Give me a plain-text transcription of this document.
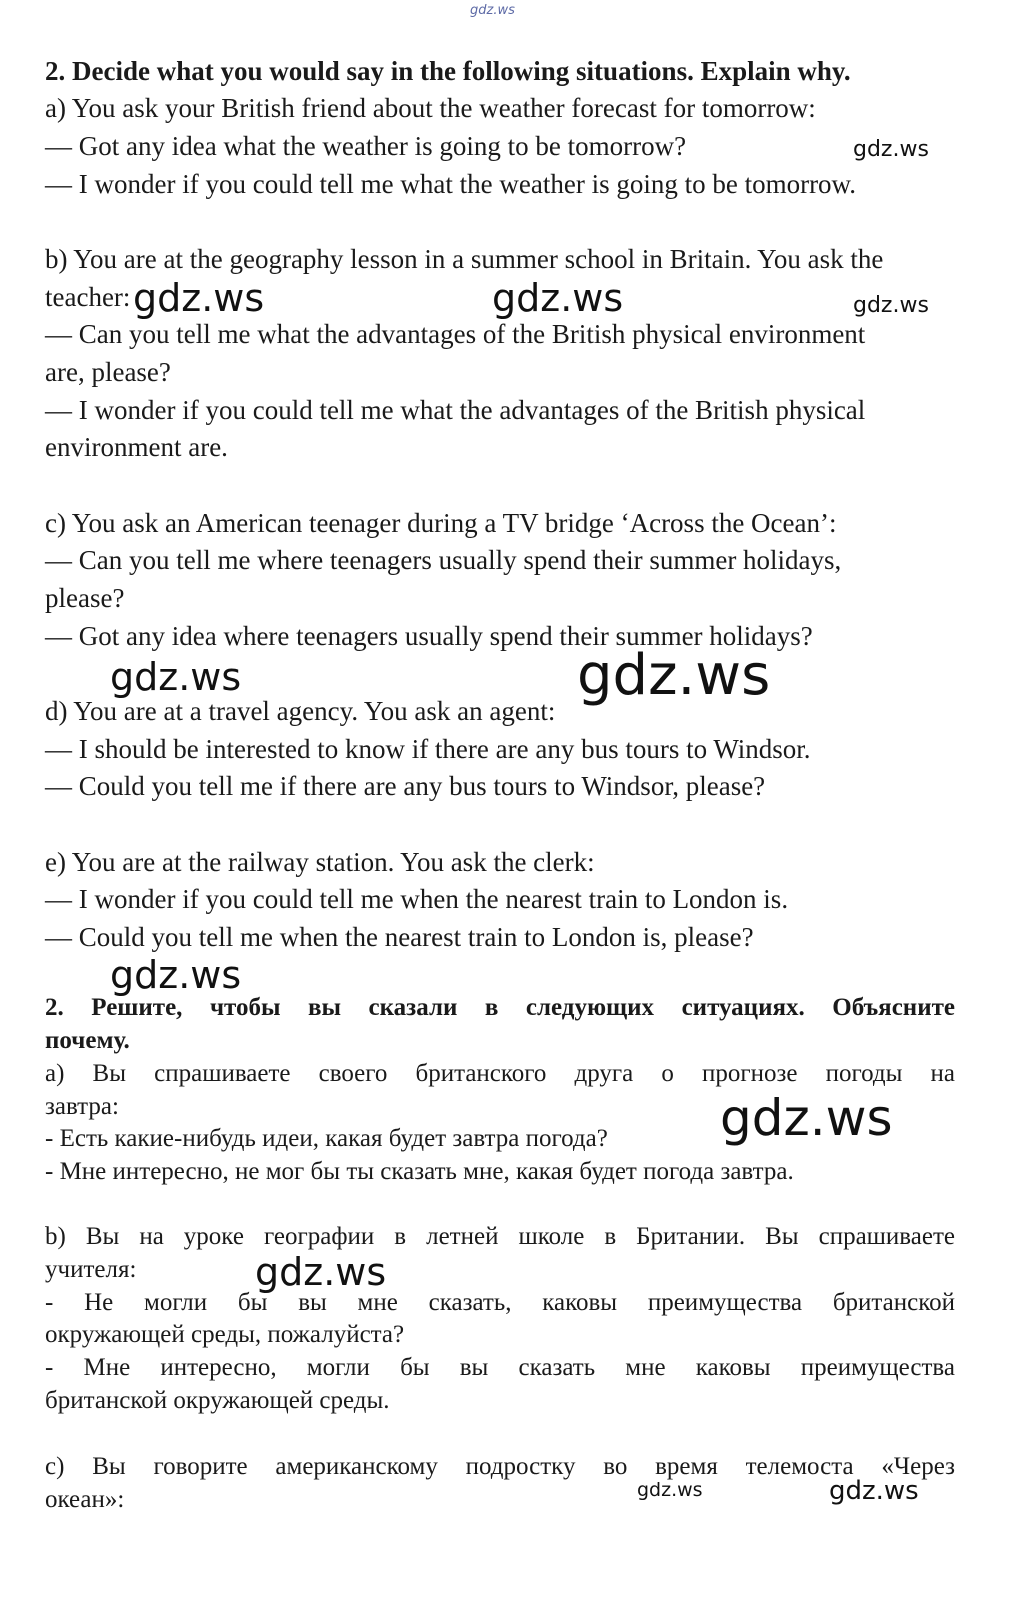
2. Decide what you would say in the following situations. Explain why.

a) You ask your British friend about the weather forecast for tomorrow:

— Got any idea what the weather is going to be tomorrow?

— I wonder if you could tell me what the weather is going to be tomorrow.

b) You are at the geography lesson in a summer school in Britain. You ask the

teacher:

— Can you tell me what the advantages of the British physical environment

are, please?

— I wonder if you could tell me what the advantages of the British physical

environment are.

c) You ask an American teenager during a TV bridge ‘Across the Ocean’:

— Can you tell me where teenagers usually spend their summer holidays,

please?

— Got any idea where teenagers usually spend their summer holidays?

d) You are at a travel agency. You ask an agent:

— I should be interested to know if there are any bus tours to Windsor.

— Could you tell me if there are any bus tours to Windsor, please?

e) You are at the railway station. You ask the clerk:

— I wonder if you could tell me when the nearest train to London is.

— Could you tell me when the nearest train to London is, please?

2. Решите, чтобы вы сказали в следующих ситуациях. Объясните

почему.

a) Вы спрашиваете своего британского друга о прогнозе погоды на

завтра:

- Есть какие-нибудь идеи, какая будет завтра погода?

- Мне интересно, не мог бы ты сказать мне, какая будет погода завтра.

b) Вы на уроке географии в летней школе в Британии. Вы спрашиваете

учителя:

- Не могли бы вы мне сказать, каковы преимущества британской

окружающей среды, пожалуйста?

- Мне интересно, могли бы вы сказать мне каковы преимущества

британской окружающей среды.

c) Вы говорите американскому подростку во время телемоста «Через

океан»:

gdz.ws
gdz.ws
gdz.ws	gdz.ws	gdz.ws
gdz.ws	gdz.ws
gdz.ws
gdz.ws
gdz.ws
gdz.ws	gdz.ws
